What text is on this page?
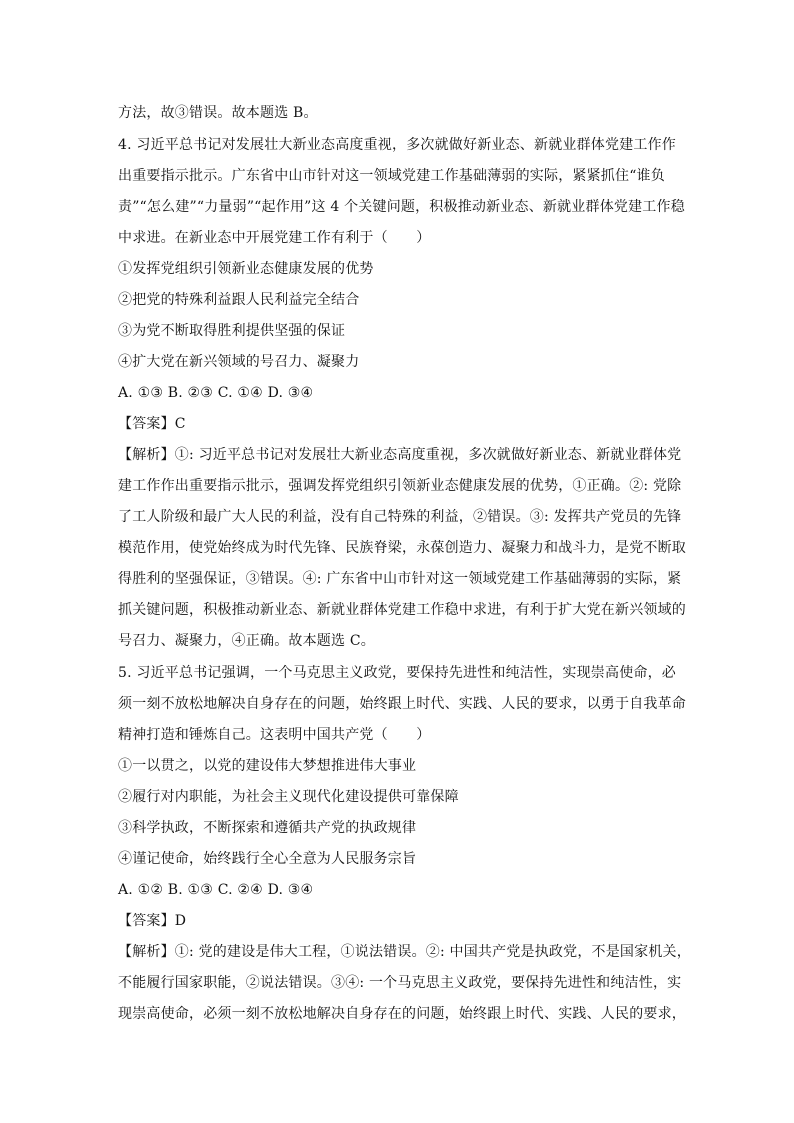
方法，故③错误。故本题选 B。
4. 习近平总书记对发展壮大新业态高度重视，多次就做好新业态、新就业群体党建工作作
出重要指示批示。广东省中山市针对这一领域党建工作基础薄弱的实际，紧紧抓住“谁负
责”“怎么建”“力量弱”“起作用”这 4 个关键问题，积极推动新业态、新就业群体党建工作稳
中求进。在新业态中开展党建工作有利于（　　）
①发挥党组织引领新业态健康发展的优势
②把党的特殊利益跟人民利益完全结合
③为党不断取得胜利提供坚强的保证
④扩大党在新兴领域的号召力、凝聚力
A. ①③ B. ②③ C. ①④ D. ③④
【答案】C
【解析】①: 习近平总书记对发展壮大新业态高度重视，多次就做好新业态、新就业群体党
建工作作出重要指示批示，强调发挥党组织引领新业态健康发展的优势，①正确。②: 党除
了工人阶级和最广大人民的利益，没有自己特殊的利益，②错误。③: 发挥共产党员的先锋
模范作用，使党始终成为时代先锋、民族脊梁，永葆创造力、凝聚力和战斗力，是党不断取
得胜利的坚强保证，③错误。④: 广东省中山市针对这一领域党建工作基础薄弱的实际，紧
抓关键问题，积极推动新业态、新就业群体党建工作稳中求进，有利于扩大党在新兴领域的
号召力、凝聚力，④正确。故本题选 C。
5. 习近平总书记强调，一个马克思主义政党，要保持先进性和纯洁性，实现崇高使命，必
须一刻不放松地解决自身存在的问题，始终跟上时代、实践、人民的要求，以勇于自我革命
精神打造和锤炼自己。这表明中国共产党（　　）
①一以贯之，以党的建设伟大梦想推进伟大事业
②履行对内职能，为社会主义现代化建设提供可靠保障
③科学执政，不断探索和遵循共产党的执政规律
④谨记使命，始终践行全心全意为人民服务宗旨
A. ①② B. ①③ C. ②④ D. ③④
【答案】D
【解析】①: 党的建设是伟大工程，①说法错误。②: 中国共产党是执政党，不是国家机关，
不能履行国家职能，②说法错误。③④: 一个马克思主义政党，要保持先进性和纯洁性，实
现崇高使命，必须一刻不放松地解决自身存在的问题，始终跟上时代、实践、人民的要求，
